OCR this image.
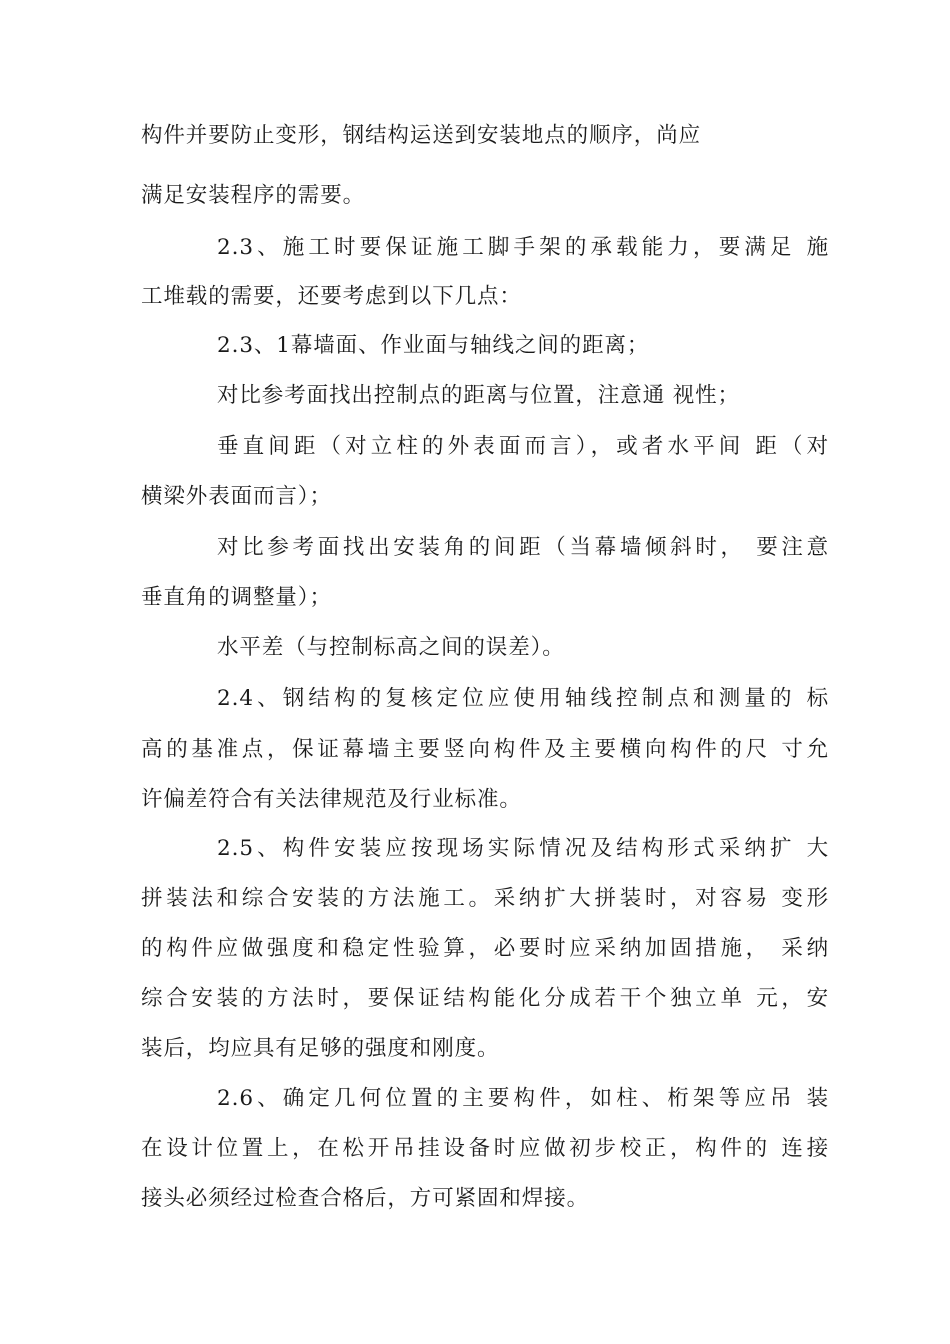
构件并要防止变形，钢结构运送到安装地点的顺序，尚应
满足安装程序的需要。
2.3、施工时要保证施工脚手架的承载能力，要满足 施
工堆载的需要，还要考虑到以下几点：
2.3、1幕墙面、作业面与轴线之间的距离；
对比参考面找出控制点的距离与位置，注意通 视性；
垂直间距（对立柱的外表面而言），或者水平间 距（对
横梁外表面而言）；
对比参考面找出安装角的间距（当幕墙倾斜时， 要注意
垂直角的调整量）；
水平差（与控制标高之间的误差）。
2.4、钢结构的复核定位应使用轴线控制点和测量的 标
高的基准点，保证幕墙主要竖向构件及主要横向构件的尺 寸允
许偏差符合有关法律规范及行业标准。
2.5、构件安装应按现场实际情况及结构形式采纳扩 大
拼装法和综合安装的方法施工。采纳扩大拼装时，对容易 变形
的构件应做强度和稳定性验算，必要时应采纳加固措施， 采纳
综合安装的方法时，要保证结构能化分成若干个独立单 元，安
装后，均应具有足够的强度和刚度。
2.6、确定几何位置的主要构件，如柱、桁架等应吊 装
在设计位置上，在松开吊挂设备时应做初步校正，构件的 连接
接头必须经过检查合格后，方可紧固和焊接。
